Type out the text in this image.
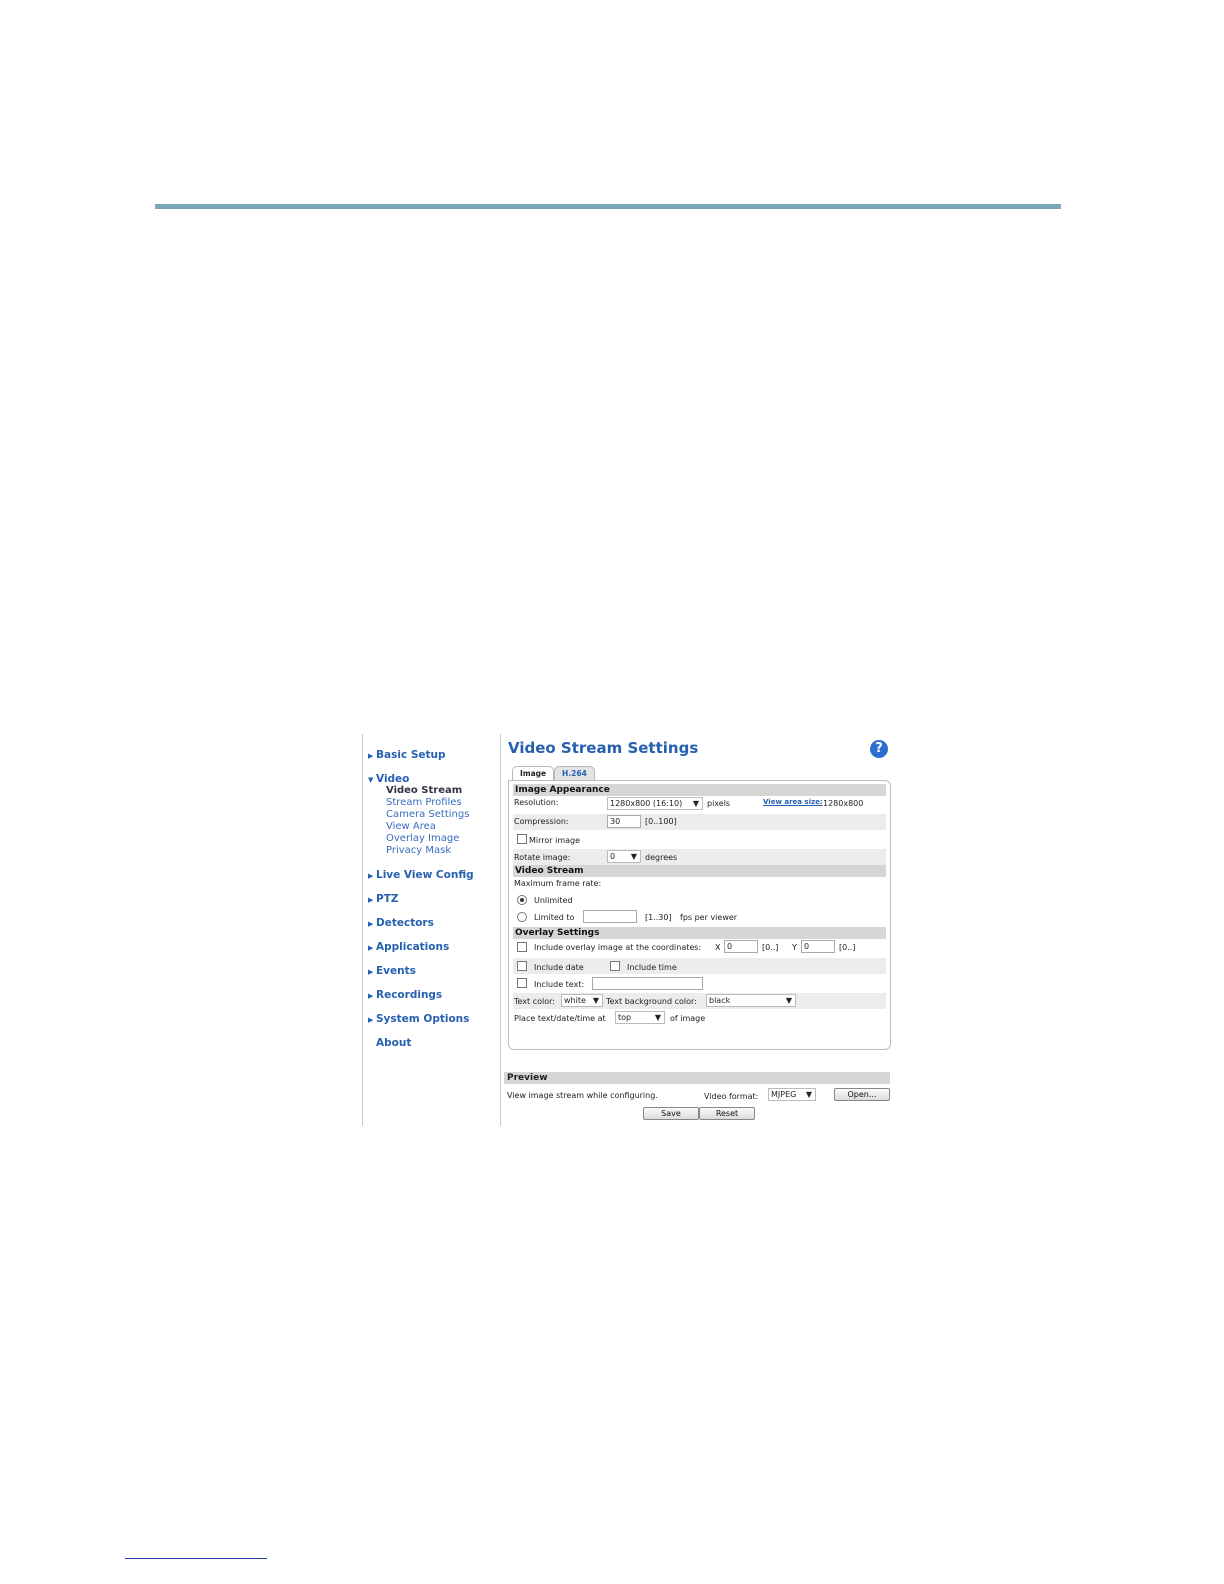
▶ Basic Setup
▼ Video
Video Stream
Stream Profiles
Camera Settings
View Area
Overlay Image
Privacy Mask
▶ Live View Config
▶ PTZ
▶ Detectors
▶ Applications
▶ Events
▶ Recordings
▶ System Options
About
Video Stream Settings	?
Image	H.264
Image Appearance
Resolution:	1280x800 (16:10) ▼ pixels	View area size: 1280x800
Compression:	30	[0..100]
Mirror image
Rotate image:	0 ▼ degrees
Video Stream
Maximum frame rate:
Unlimited
Limited to	[1..30] fps per viewer
Overlay Settings
Include overlay image at the coordinates: X 0	[0..] Y 0	[0..]
Include date	Include time
Include text:
Text color:	white ▼ Text background color:	black	▼
Place text/date/time at	top	▼ of image
Preview
View image stream while configuring.	Video format:	MJPEG ▼	Open...
Save	Reset
